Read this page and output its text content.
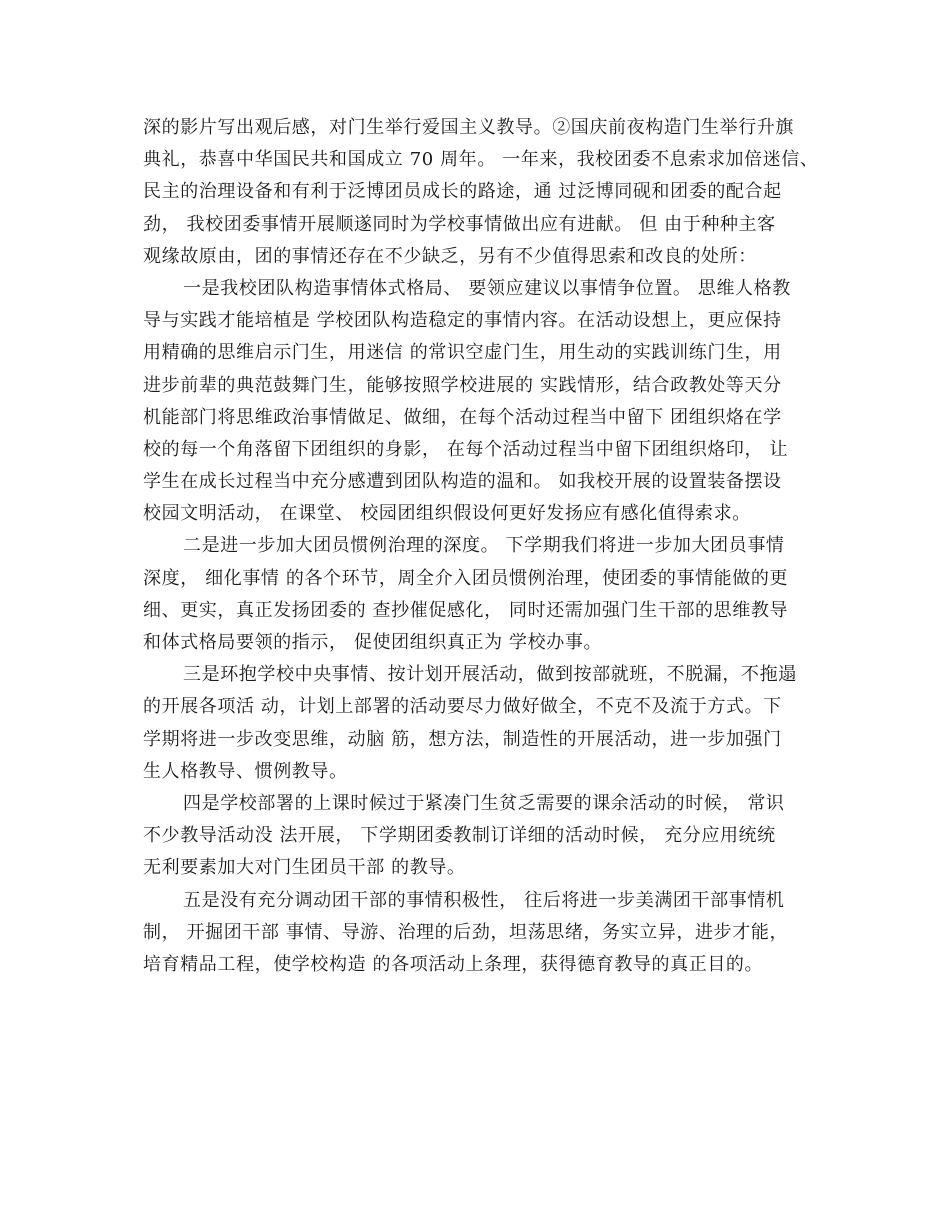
深的影片写出观后感，对门生举行爱国主义教导。②国庆前夜构造门生举行升旗
典礼，恭喜中华国民共和国成立 70 周年。 一年来，我校团委不息索求加倍迷信、
民主的治理设备和有利于泛博团员成长的路途，通 过泛博同砚和团委的配合起
劲， 我校团委事情开展顺遂同时为学校事情做出应有进献。 但 由于种种主客
观缘故原由，团的事情还存在不少缺乏，另有不少值得思索和改良的处所：
一是我校团队构造事情体式格局、 要领应建议以事情争位置。 思维人格教
导与实践才能培植是 学校团队构造稳定的事情内容。在活动设想上，更应保持
用精确的思维启示门生，用迷信 的常识空虚门生，用生动的实践训练门生，用
进步前辈的典范鼓舞门生，能够按照学校进展的 实践情形，结合政教处等天分
机能部门将思维政治事情做足、做细，在每个活动过程当中留下 团组织烙在学
校的每一个角落留下团组织的身影， 在每个活动过程当中留下团组织烙印， 让
学生在成长过程当中充分感遭到团队构造的温和。 如我校开展的设置装备摆设
校园文明活动， 在课堂、 校园团组织假设何更好发扬应有感化值得索求。
二是进一步加大团员惯例治理的深度。 下学期我们将进一步加大团员事情
深度， 细化事情 的各个环节，周全介入团员惯例治理，使团委的事情能做的更
细、更实，真正发扬团委的 查抄催促感化， 同时还需加强门生干部的思维教导
和体式格局要领的指示， 促使团组织真正为 学校办事。
三是环抱学校中央事情、按计划开展活动，做到按部就班，不脱漏，不拖遢
的开展各项活 动，计划上部署的活动要尽力做好做全，不克不及流于方式。下
学期将进一步改变思维，动脑 筋，想方法，制造性的开展活动，进一步加强门
生人格教导、惯例教导。
四是学校部署的上课时候过于紧凑门生贫乏需要的课余活动的时候， 常识
不少教导活动没 法开展， 下学期团委教制订详细的活动时候， 充分应用统统
无利要素加大对门生团员干部 的教导。
五是没有充分调动团干部的事情积极性， 往后将进一步美满团干部事情机
制， 开掘团干部 事情、导游、治理的后劲，坦荡思绪，务实立异，进步才能，
培育精品工程，使学校构造 的各项活动上条理，获得德育教导的真正目的。
